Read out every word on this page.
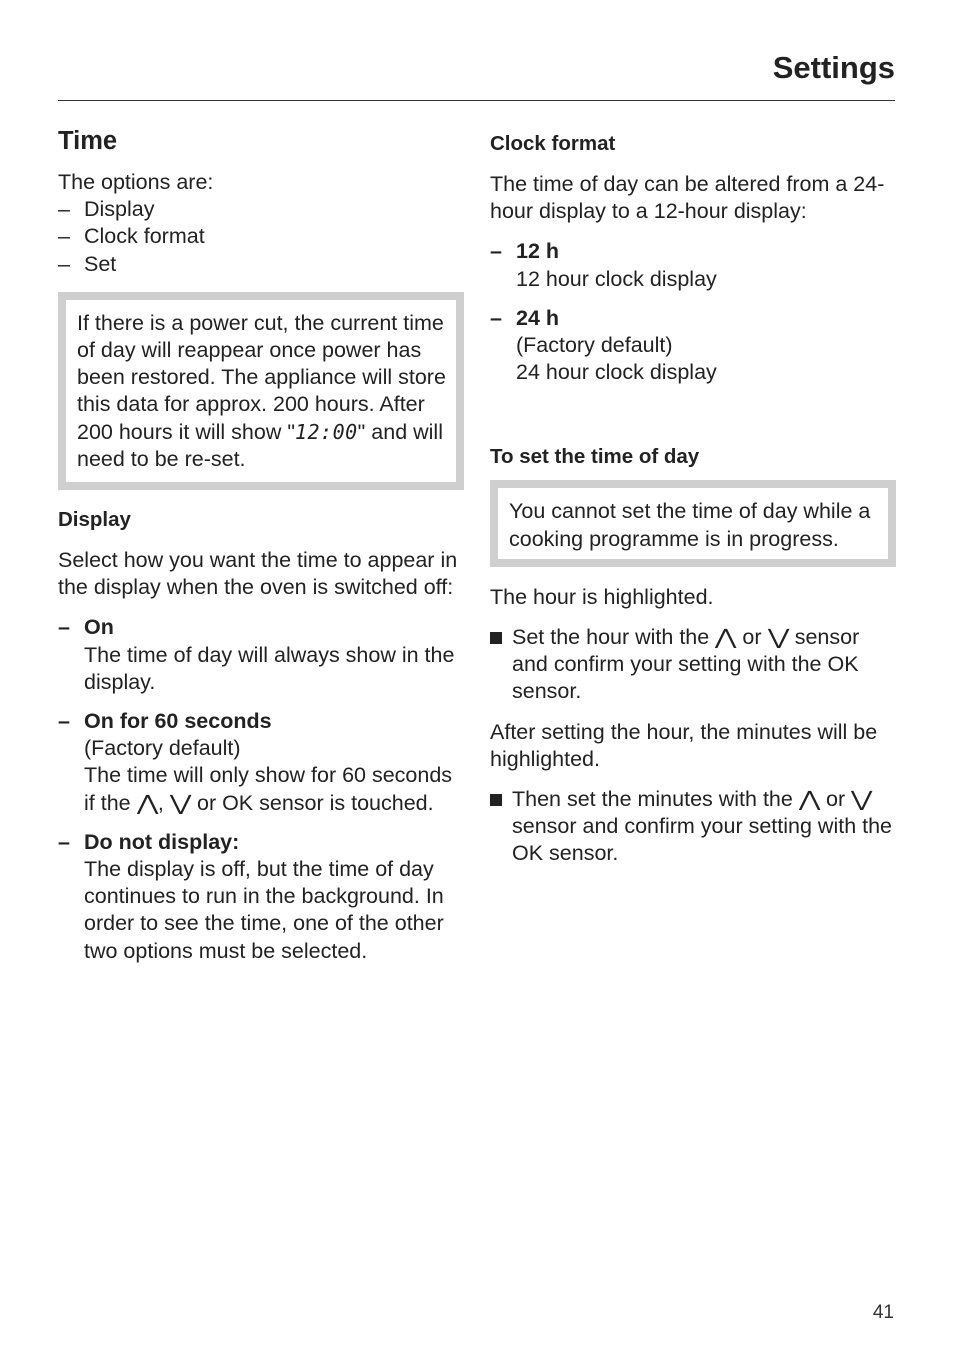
Settings
Time

The options are:

– Display
– Clock format
– Set
If there is a power cut, the current time of day will reappear once power has been restored. The appliance will store this data for approx. 200 hours. After 200 hours it will show "12:00" and will need to be re-set.
Display

Select how you want the time to appear in the display when the oven is switched off:

– On
The time of day will always show in the display.
– On for 60 seconds
(Factory default)
The time will only show for 60 seconds if the ⋀, ⋁ or OK sensor is touched.
– Do not display:
The display is off, but the time of day continues to run in the background. In order to see the time, one of the other two options must be selected.
Clock format

The time of day can be altered from a 24-hour display to a 12-hour display:

– 12 h
12 hour clock display
– 24 h
(Factory default)
24 hour clock display
To set the time of day
You cannot set the time of day while a cooking programme is in progress.

The hour is highlighted.

Set the hour with the ⋀ or ⋁ sensor and confirm your setting with the OK sensor.

After setting the hour, the minutes will be highlighted.

Then set the minutes with the ⋀ or ⋁ sensor and confirm your setting with the OK sensor.
41
